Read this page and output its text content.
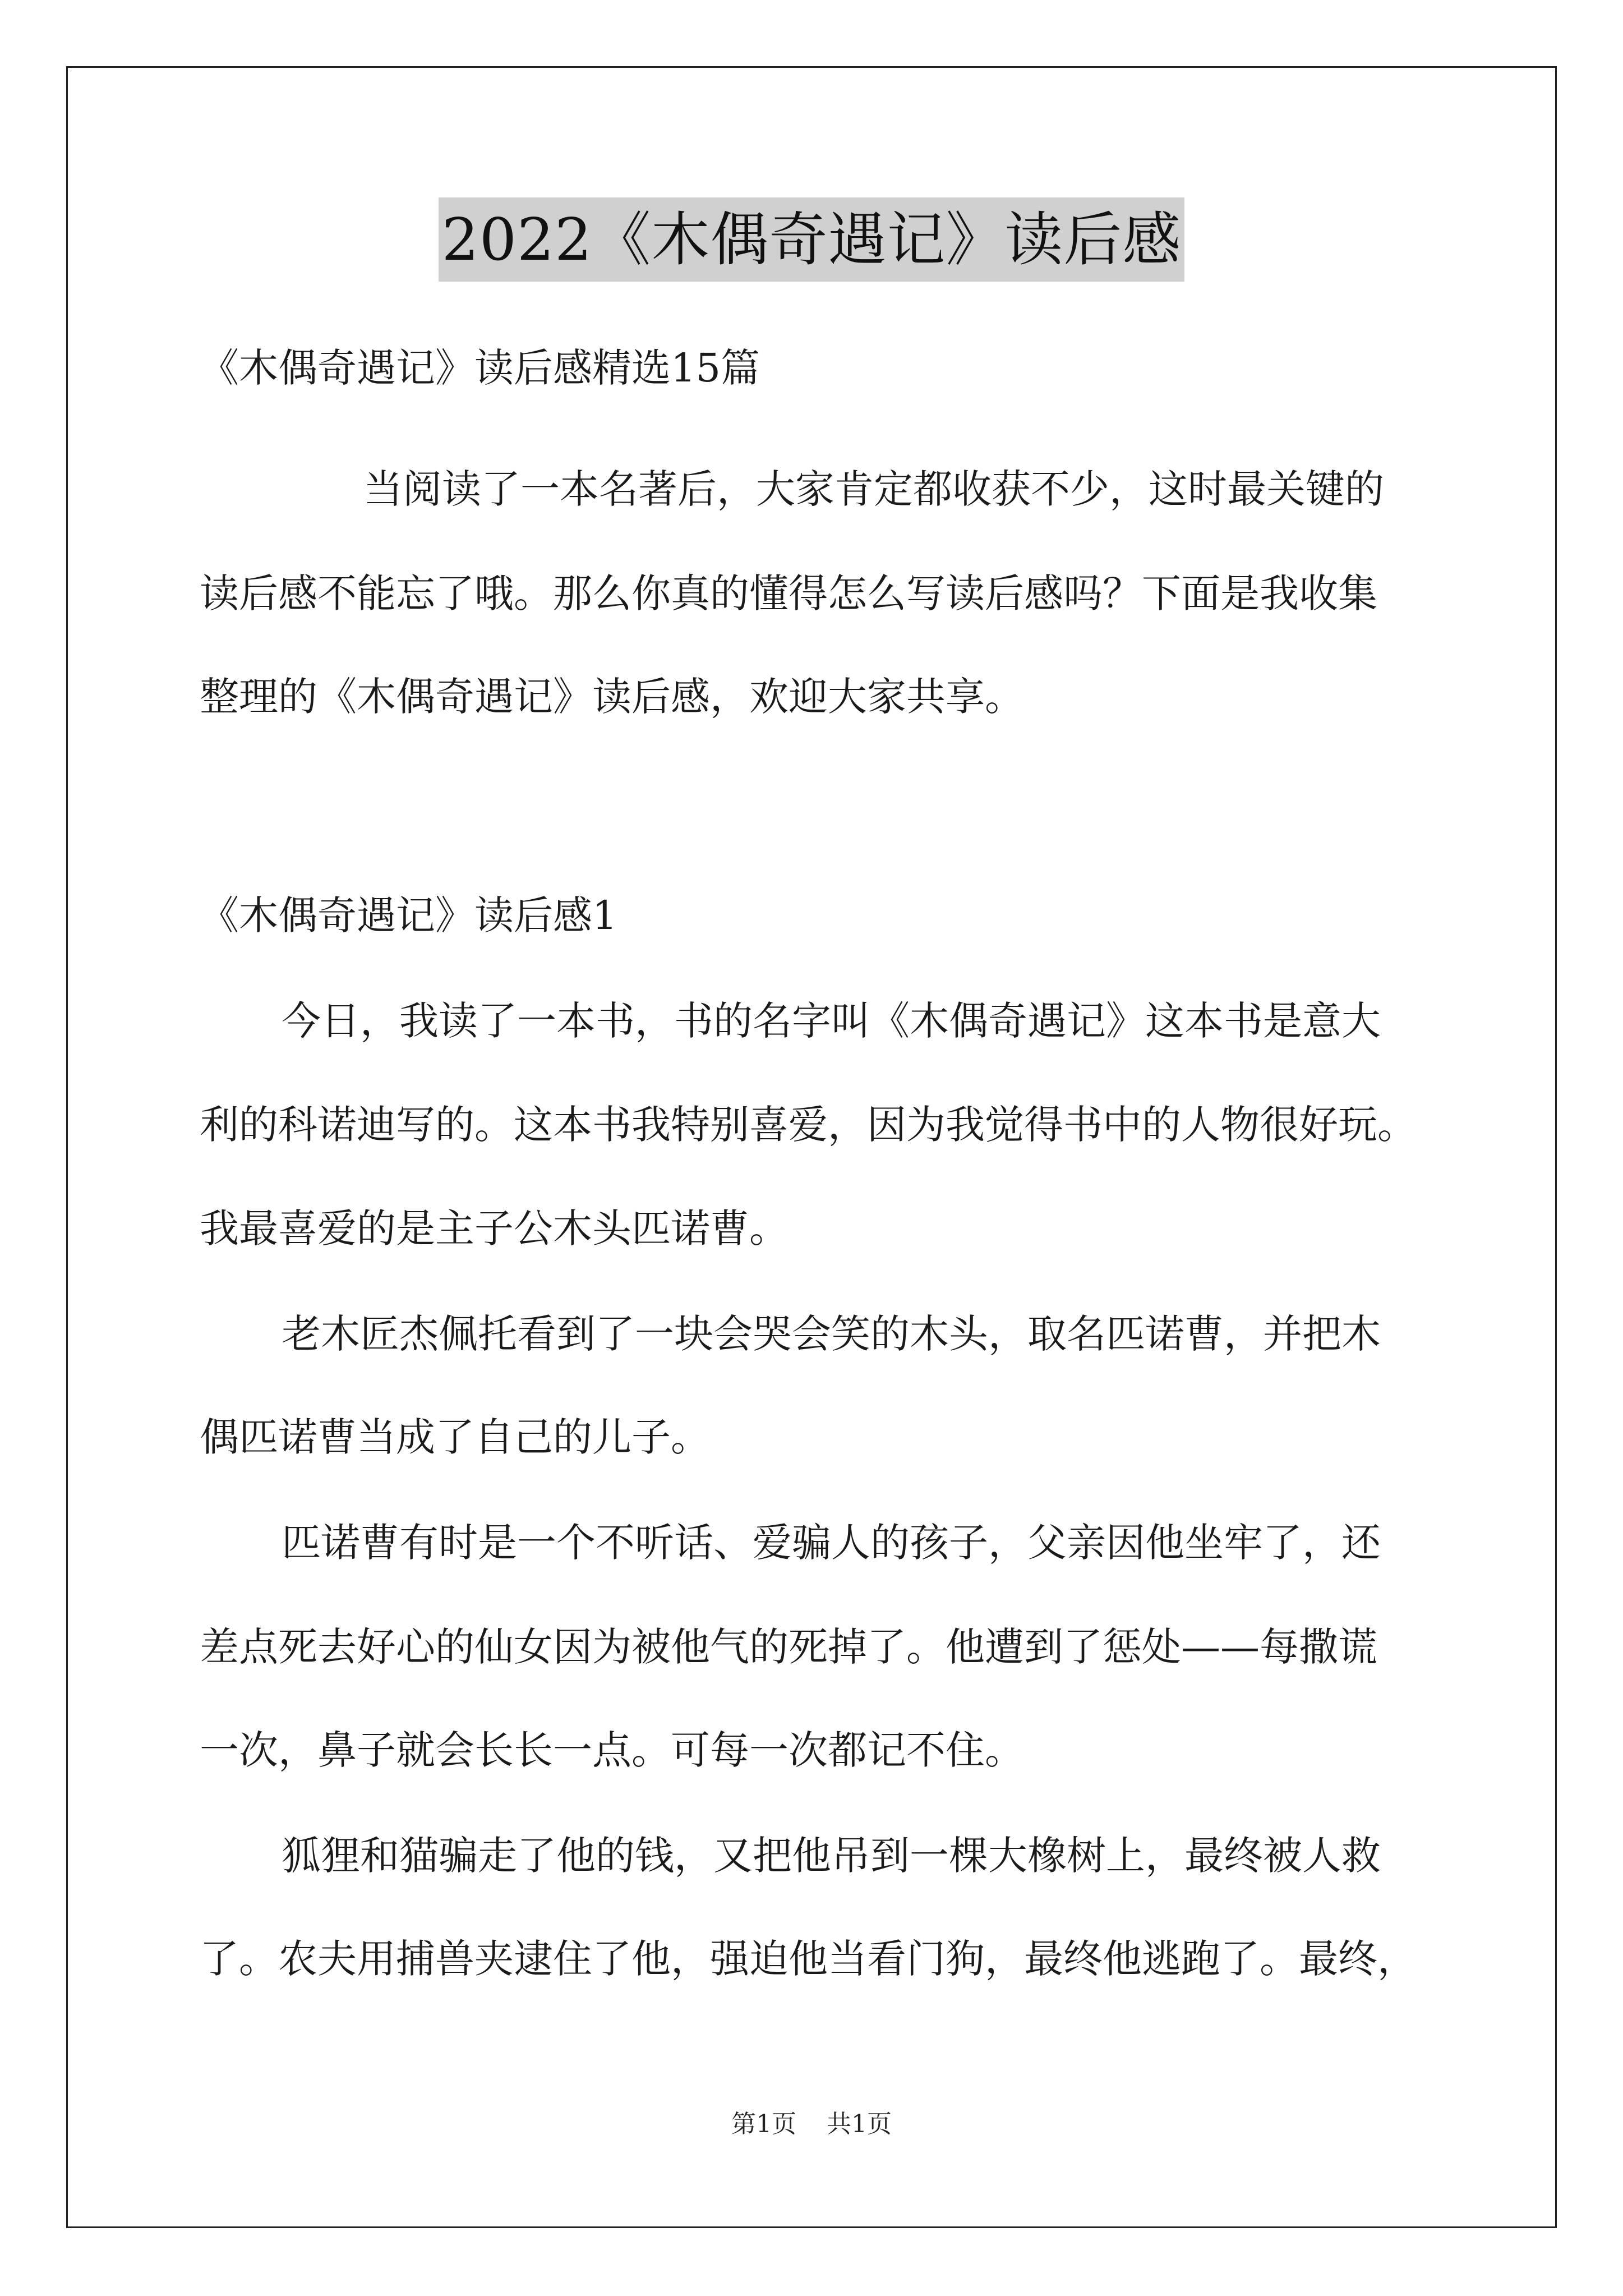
2022《木偶奇遇记》读后感
《木偶奇遇记》读后感精选15篇
当阅读了一本名著后，大家肯定都收获不少，这时最关键的
读后感不能忘了哦。那么你真的懂得怎么写读后感吗？下面是我收集
整理的《木偶奇遇记》读后感，欢迎大家共享。
《木偶奇遇记》读后感1
今日，我读了一本书，书的名字叫《木偶奇遇记》这本书是意大
利的科诺迪写的。这本书我特别喜爱，因为我觉得书中的人物很好玩。
我最喜爱的是主子公木头匹诺曹。
老木匠杰佩托看到了一块会哭会笑的木头，取名匹诺曹，并把木
偶匹诺曹当成了自己的儿子。
匹诺曹有时是一个不听话、爱骗人的孩子，父亲因他坐牢了，还
差点死去好心的仙女因为被他气的死掉了。他遭到了惩处——每撒谎
一次，鼻子就会长长一点。可每一次都记不住。
狐狸和猫骗走了他的钱，又把他吊到一棵大橡树上，最终被人救
了。农夫用捕兽夹逮住了他，强迫他当看门狗，最终他逃跑了。最终，
第1页 共1页
